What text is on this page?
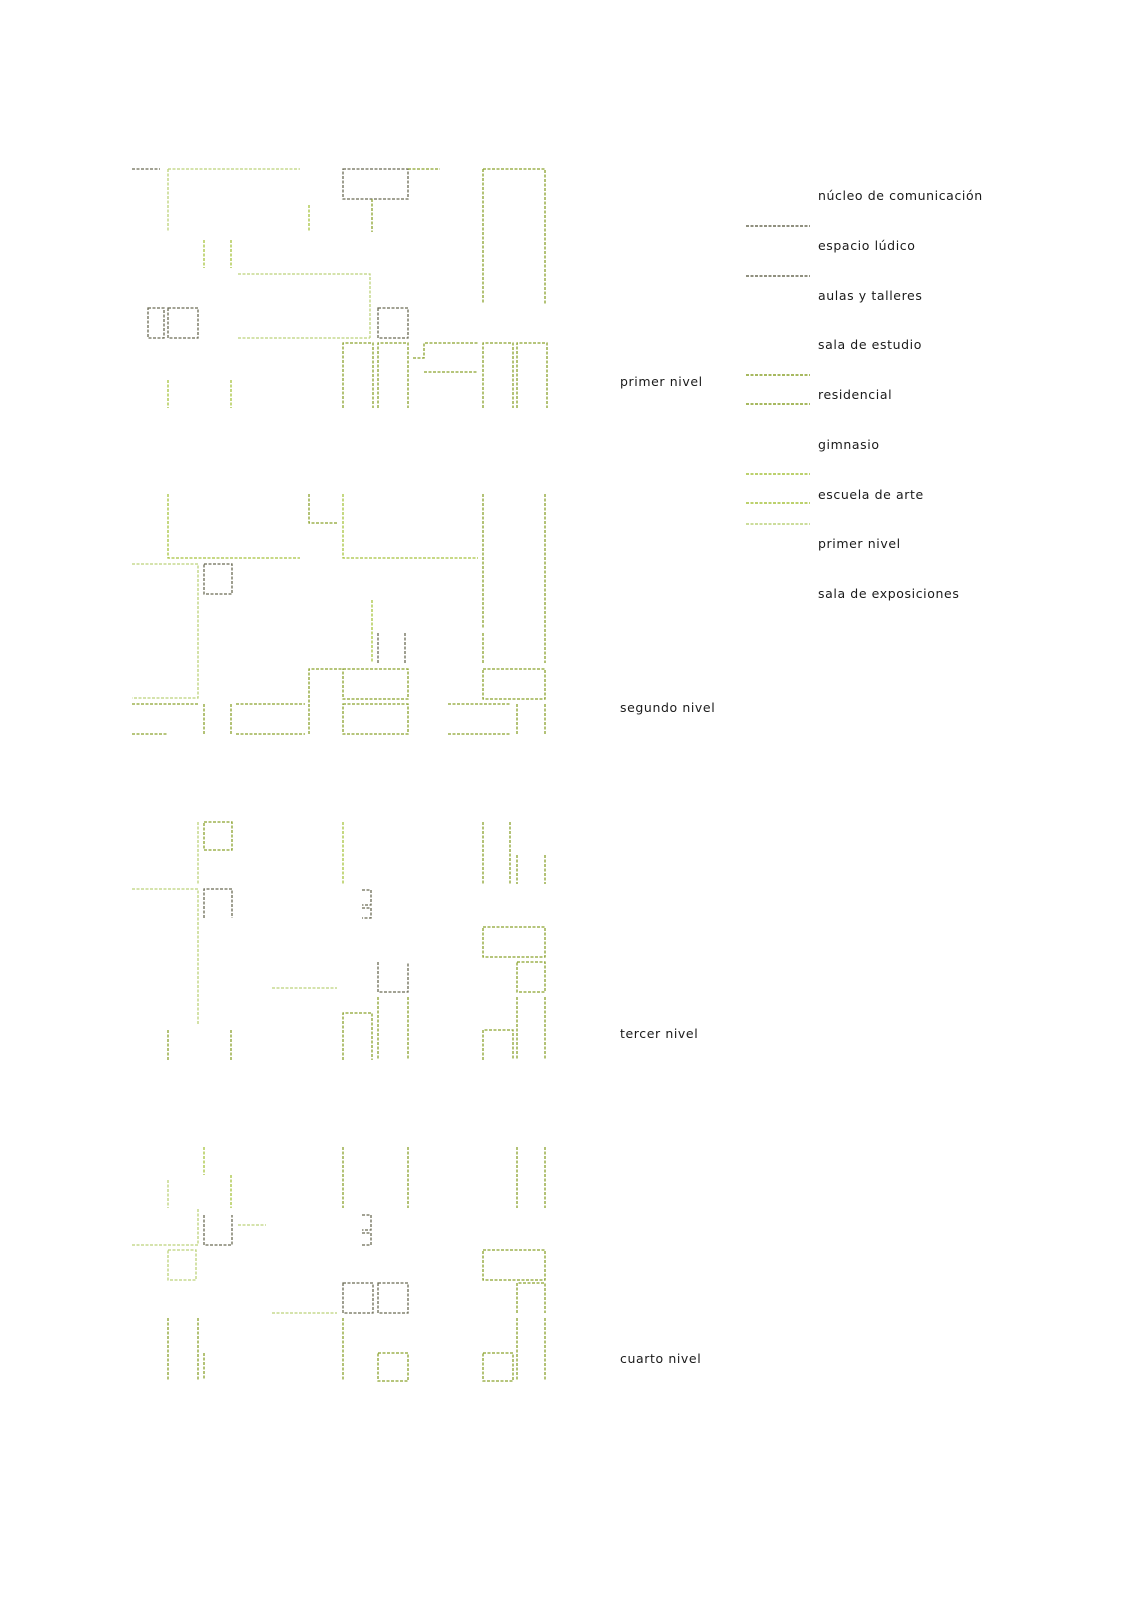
primer nivel
segundo nivel
tercer nivel
cuarto nivel
núcleo de comunicación
espacio lúdico
aulas y talleres
sala de estudio
residencial
gimnasio
escuela de arte
primer nivel
sala de exposiciones
